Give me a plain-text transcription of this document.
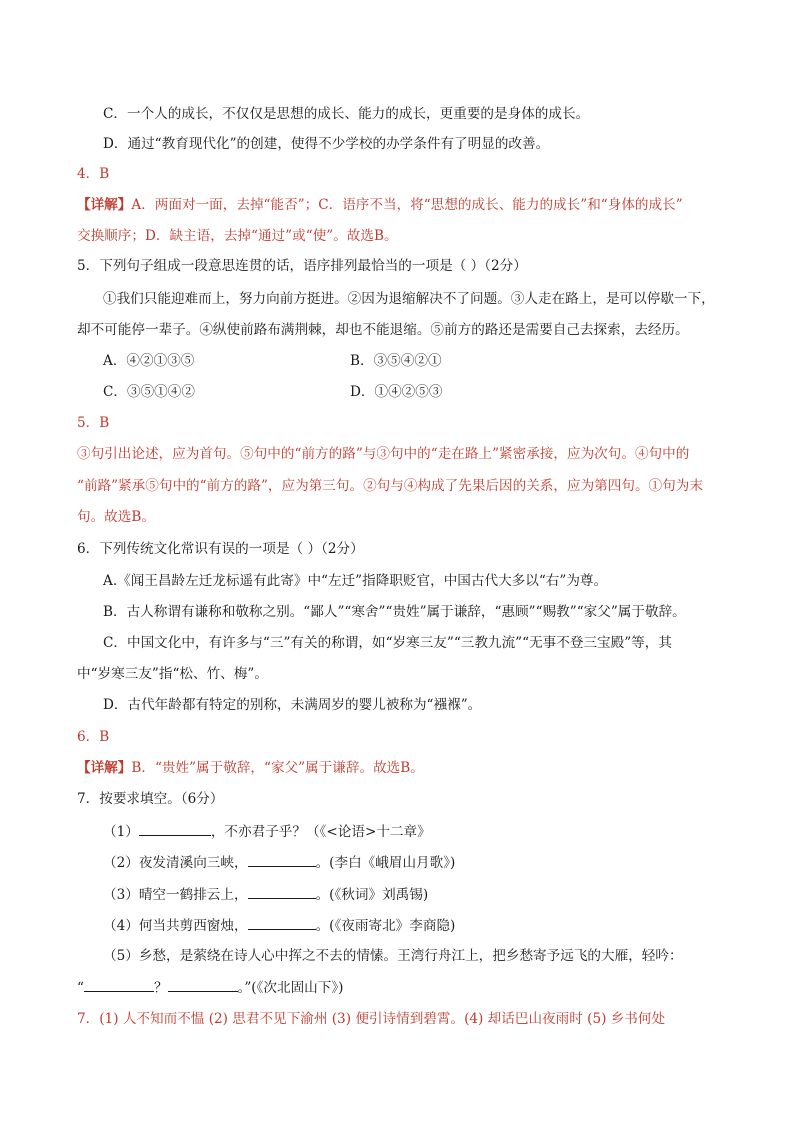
C．一个人的成长，不仅仅是思想的成长、能力的成长，更重要的是身体的成长。
D．通过“教育现代化”的创建，使得不少学校的办学条件有了明显的改善。
4．B
【详解】A．两面对一面，去掉“能否”；C．语序不当，将“思想的成长、能力的成长”和“身体的成长”
交换顺序；D．缺主语，去掉“通过”或“使”。故选B。
5．下列句子组成一段意思连贯的话，语序排列最恰当的一项是（ ）（2分）
①我们只能迎难而上，努力向前方挺进。②因为退缩解决不了问题。③人走在路上，是可以停歇一下，
却不可能停一辈子。④纵使前路布满荆棘，却也不能退缩。⑤前方的路还是需要自己去探索，去经历。
A．④②①③⑤	B．③⑤④②①
C．③⑤①④②	D．①④②⑤③
5．B
③句引出论述，应为首句。⑤句中的“前方的路”与③句中的“走在路上”紧密承接，应为次句。④句中的
“前路”紧承⑤句中的“前方的路”，应为第三句。②句与④构成了先果后因的关系，应为第四句。①句为末
句。故选B。
6．下列传统文化常识有误的一项是（ ）（2分）
A.《闻王昌龄左迁龙标遥有此寄》中“左迁”指降职贬官，中国古代大多以“右”为尊。
B．古人称谓有谦称和敬称之别。“鄙人”“寒舍”“贵姓”属于谦辞，“惠顾”“赐教”“家父”属于敬辞。
C．中国文化中，有许多与“三”有关的称谓，如“岁寒三友”“三教九流”“无事不登三宝殿”等，其
中“岁寒三友”指“松、竹、梅”。
D．古代年龄都有特定的别称，未满周岁的婴儿被称为“襁褓”。
6．B
【详解】B．“贵姓”属于敬辞，“家父”属于谦辞。故选B。
7．按要求填空。（6分）
（1）	，不亦君子乎？（《<论语>十二章》
（2）夜发清溪向三峡，	。(李白《峨眉山月歌》)
（3）晴空一鹤排云上，	。(《秋词》刘禹锡)
（4）何当共剪西窗烛，	。(《夜雨寄北》李商隐)
（5）乡愁，是萦绕在诗人心中挥之不去的情愫。王湾行舟江上，把乡愁寄予远飞的大雁，轻吟：
“	？	。”(《次北固山下》)
7．(1) 人不知而不愠 (2) 思君不见下渝州 (3) 便引诗情到碧霄。(4) 却话巴山夜雨时 (5) 乡书何处
